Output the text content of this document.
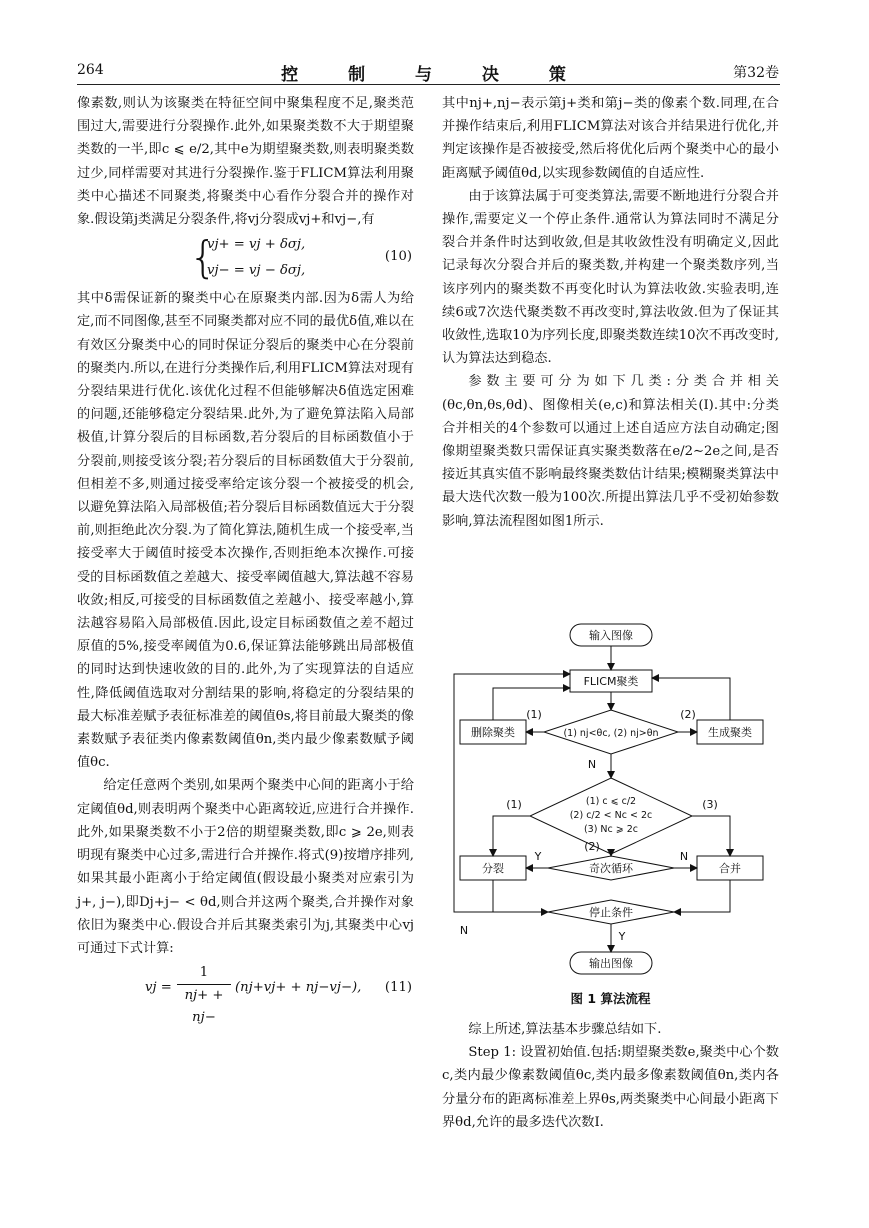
264	控 制 与 决 策	第32卷

像素数,则认为该聚类在特征空间中聚集程度不足,聚类范围过大,需要进行分裂操作.此外,如果聚类数不大于期望聚类数的一半,即c ⩽ e/2,其中e为期望聚类数,则表明聚类数过少,同样需要对其进行分裂操作.鉴于FLICM算法利用聚类中心描述不同聚类,将聚类中心看作分裂合并的操作对象.假设第j类满足分裂条件,将vj分裂成vj+和vj−,有

{
vj+ = vj + δσj,
vj− = vj − δσj,
(10)

其中δ需保证新的聚类中心在原聚类内部.因为δ需人为给定,而不同图像,甚至不同聚类都对应不同的最优δ值,难以在有效区分聚类中心的同时保证分裂后的聚类中心在分裂前的聚类内.所以,在进行分类操作后,利用FLICM算法对现有分裂结果进行优化.该优化过程不但能够解决δ值选定困难的问题,还能够稳定分裂结果.此外,为了避免算法陷入局部极值,计算分裂后的目标函数,若分裂后的目标函数值小于分裂前,则接受该分裂;若分裂后的目标函数值大于分裂前,但相差不多,则通过接受率给定该分裂一个被接受的机会,以避免算法陷入局部极值;若分裂后目标函数值远大于分裂前,则拒绝此次分裂.为了简化算法,随机生成一个接受率,当接受率大于阈值时接受本次操作,否则拒绝本次操作.可接受的目标函数值之差越大、接受率阈值越大,算法越不容易收敛;相反,可接受的目标函数值之差越小、接受率越小,算法越容易陷入局部极值.因此,设定目标函数值之差不超过原值的5%,接受率阈值为0.6,保证算法能够跳出局部极值的同时达到快速收敛的目的.此外,为了实现算法的自适应性,降低阈值选取对分割结果的影响,将稳定的分裂结果的最大标准差赋予表征标准差的阈值θs,将目前最大聚类的像素数赋予表征类内像素数阈值θn,类内最少像素数赋予阈值θc.

给定任意两个类别,如果两个聚类中心间的距离小于给定阈值θd,则表明两个聚类中心距离较近,应进行合并操作.此外,如果聚类数不小于2倍的期望聚类数,即c ⩾ 2e,则表明现有聚类中心过多,需进行合并操作.将式(9)按增序排列,如果其最小距离小于给定阈值(假设最小聚类对应索引为j+, j−),即Dj+j− < θd,则合并这两个聚类,合并操作对象依旧为聚类中心.假设合并后其聚类索引为j,其聚类中心vj可通过下式计算:

vj = $\frac{1}{nj+ + nj-} (nj+vj+ + nj-vj-)$, (11)

其中nj+,nj−表示第j+类和第j−类的像素个数.同理,在合并操作结束后,利用FLICM算法对该合并结果进行优化,并判定该操作是否被接受,然后将优化后两个聚类中心的最小距离赋予阈值θd,以实现参数阈值的自适应性.

由于该算法属于可变类算法,需要不断地进行分裂合并操作,需要定义一个停止条件.通常认为算法同时不满足分裂合并条件时达到收敛,但是其收敛性没有明确定义,因此记录每次分裂合并后的聚类数,并构建一个聚类数序列,当该序列内的聚类数不再变化时认为算法收敛.实验表明,连续6或7次迭代聚类数不再改变时,算法收敛.但为了保证其收敛性,选取10为序列长度,即聚类数连续10次不再改变时,认为算法达到稳态.

参数主要可分为如下几类:分类合并相关(θc,θn,θs,θd)、图像相关(e,c)和算法相关(I).其中:分类合并相关的4个参数可以通过上述自适应方法自动确定;图像期望聚类数只需保证真实聚类数落在e/2∼2e之间,是否接近其真实值不影响最终聚类数估计结果;模糊聚类算法中最大迭代次数一般为100次.所提出算法几乎不受初始参数影响,算法流程图如图1所示.

输入图像
FLICM聚类
删除聚类	生成聚类
(1) nj<θc, (2) nj>θn
(1)	(2)
N
(1) c ⩽ c/2
(2) c/2 < Nc < 2c
(3) Nc ⩾ 2c
(1)	(3)
(2)
分裂	合并
奇次循环
Y	N
停止条件
N	Y
输出图像
图 1 算法流程

综上所述,算法基本步骤总结如下.

Step 1: 设置初始值.包括:期望聚类数e,聚类中心个数c,类内最少像素数阈值θc,类内最多像素数阈值θn,类内各分量分布的距离标准差上界θs,两类聚类中心间最小距离下界θd,允许的最多迭代次数I.
